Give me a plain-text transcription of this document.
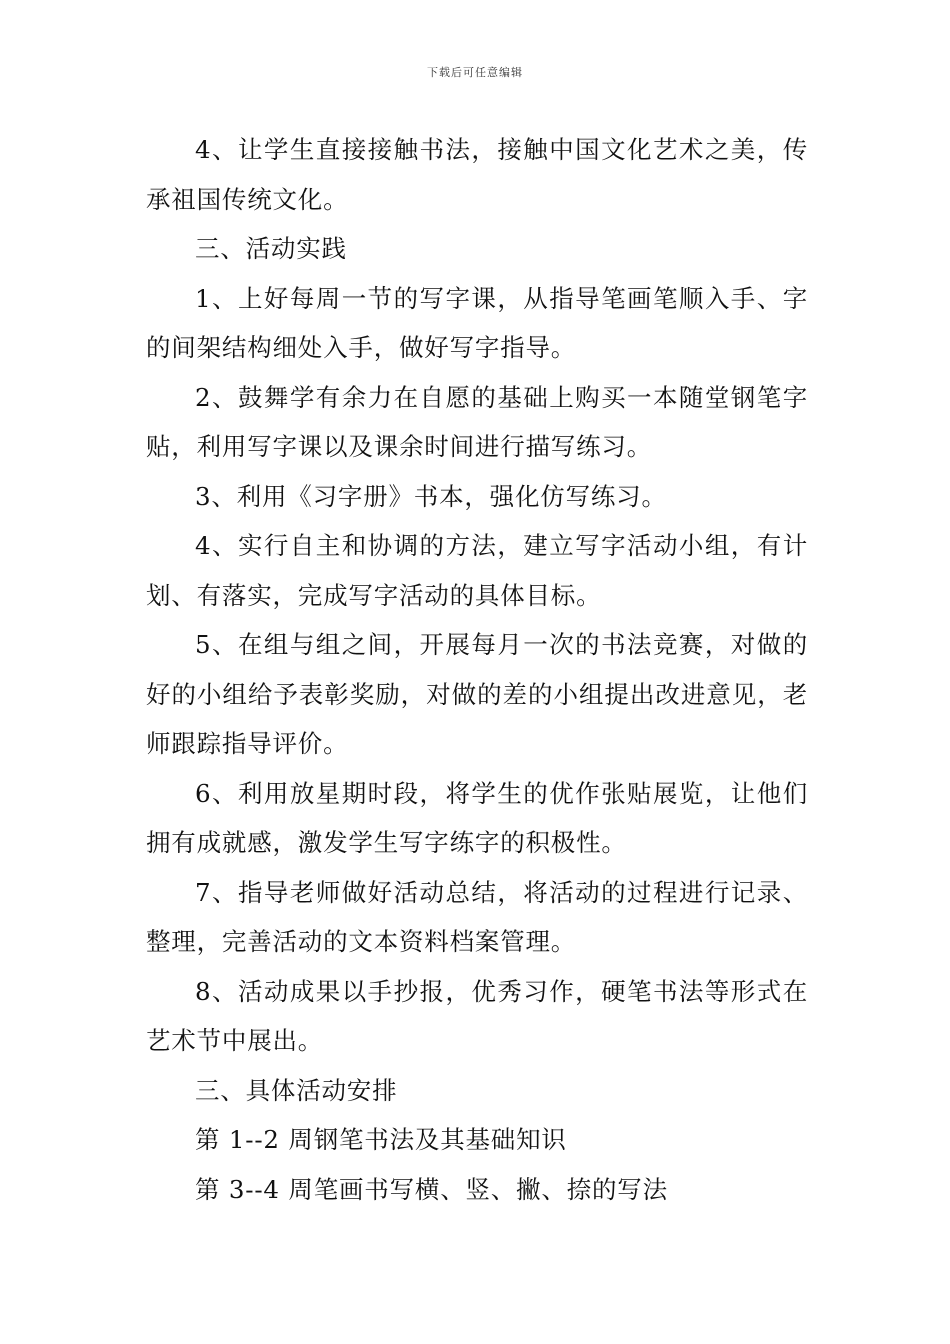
下载后可任意编辑

4、让学生直接接触书法，接触中国文化艺术之美，传承祖国传统文化。

三、活动实践

1、上好每周一节的写字课，从指导笔画笔顺入手、字的间架结构细处入手，做好写字指导。

2、鼓舞学有余力在自愿的基础上购买一本随堂钢笔字贴，利用写字课以及课余时间进行描写练习。

3、利用《习字册》书本，强化仿写练习。

4、实行自主和协调的方法，建立写字活动小组，有计划、有落实，完成写字活动的具体目标。

5、在组与组之间，开展每月一次的书法竞赛，对做的好的小组给予表彰奖励，对做的差的小组提出改进意见，老师跟踪指导评价。

6、利用放星期时段，将学生的优作张贴展览，让他们拥有成就感，激发学生写字练字的积极性。

7、指导老师做好活动总结，将活动的过程进行记录、整理，完善活动的文本资料档案管理。

8、活动成果以手抄报，优秀习作，硬笔书法等形式在艺术节中展出。

三、具体活动安排

第 1--2 周钢笔书法及其基础知识

第 3--4 周笔画书写横、竖、撇、捺的写法
